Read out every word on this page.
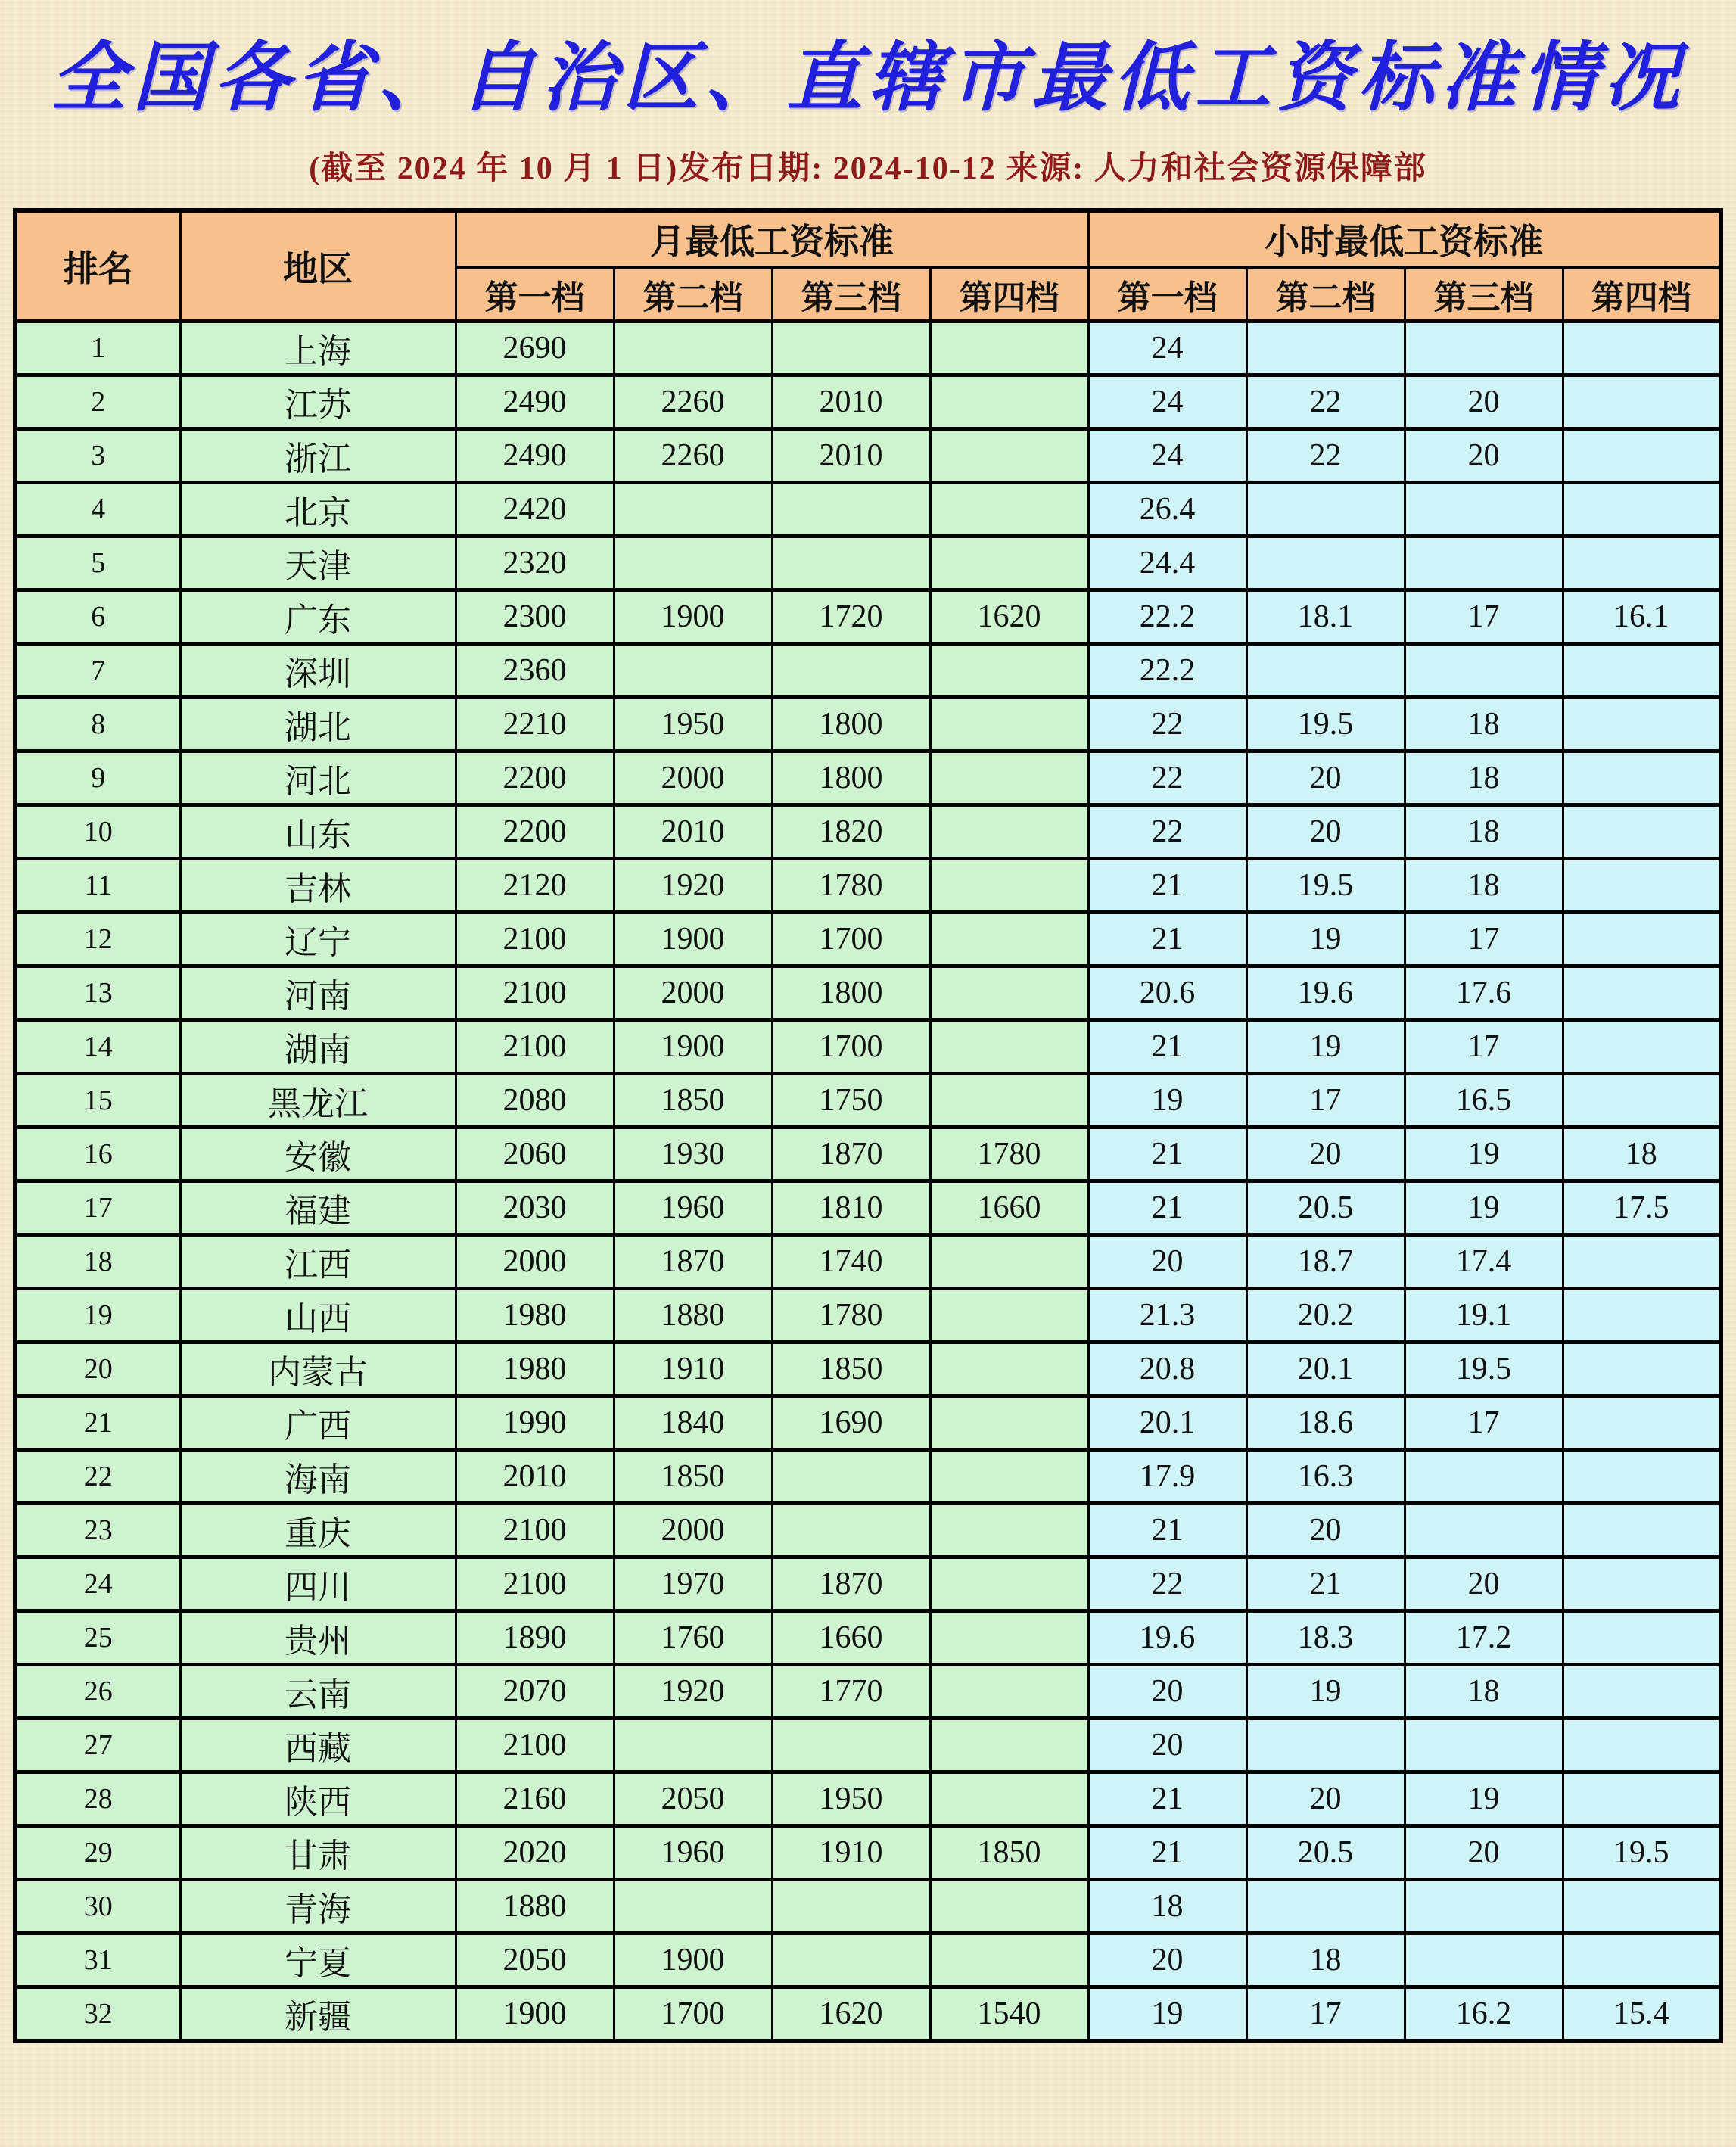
全国各省、自治区、直辖市最低工资标准情况
(截至 2024 年 10 月 1 日)发布日期: 2024-10-12 来源: 人力和社会资源保障部
排名	地区	月最低工资标准				小时最低工资标准			
		第一档	第二档	第三档	第四档	第一档	第二档	第三档	第四档
1	上海	2690				24			
2	江苏	2490	2260	2010		24	22	20	
3	浙江	2490	2260	2010		24	22	20	
4	北京	2420				26.4			
5	天津	2320				24.4			
6	广东	2300	1900	1720	1620	22.2	18.1	17	16.1
7	深圳	2360				22.2			
8	湖北	2210	1950	1800		22	19.5	18	
9	河北	2200	2000	1800		22	20	18	
10	山东	2200	2010	1820		22	20	18	
11	吉林	2120	1920	1780		21	19.5	18	
12	辽宁	2100	1900	1700		21	19	17	
13	河南	2100	2000	1800		20.6	19.6	17.6	
14	湖南	2100	1900	1700		21	19	17	
15	黑龙江	2080	1850	1750		19	17	16.5	
16	安徽	2060	1930	1870	1780	21	20	19	18
17	福建	2030	1960	1810	1660	21	20.5	19	17.5
18	江西	2000	1870	1740		20	18.7	17.4	
19	山西	1980	1880	1780		21.3	20.2	19.1	
20	内蒙古	1980	1910	1850		20.8	20.1	19.5	
21	广西	1990	1840	1690		20.1	18.6	17	
22	海南	2010	1850			17.9	16.3		
23	重庆	2100	2000			21	20		
24	四川	2100	1970	1870		22	21	20	
25	贵州	1890	1760	1660		19.6	18.3	17.2	
26	云南	2070	1920	1770		20	19	18	
27	西藏	2100				20			
28	陕西	2160	2050	1950		21	20	19	
29	甘肃	2020	1960	1910	1850	21	20.5	20	19.5
30	青海	1880				18			
31	宁夏	2050	1900			20	18		
32	新疆	1900	1700	1620	1540	19	17	16.2	15.4
